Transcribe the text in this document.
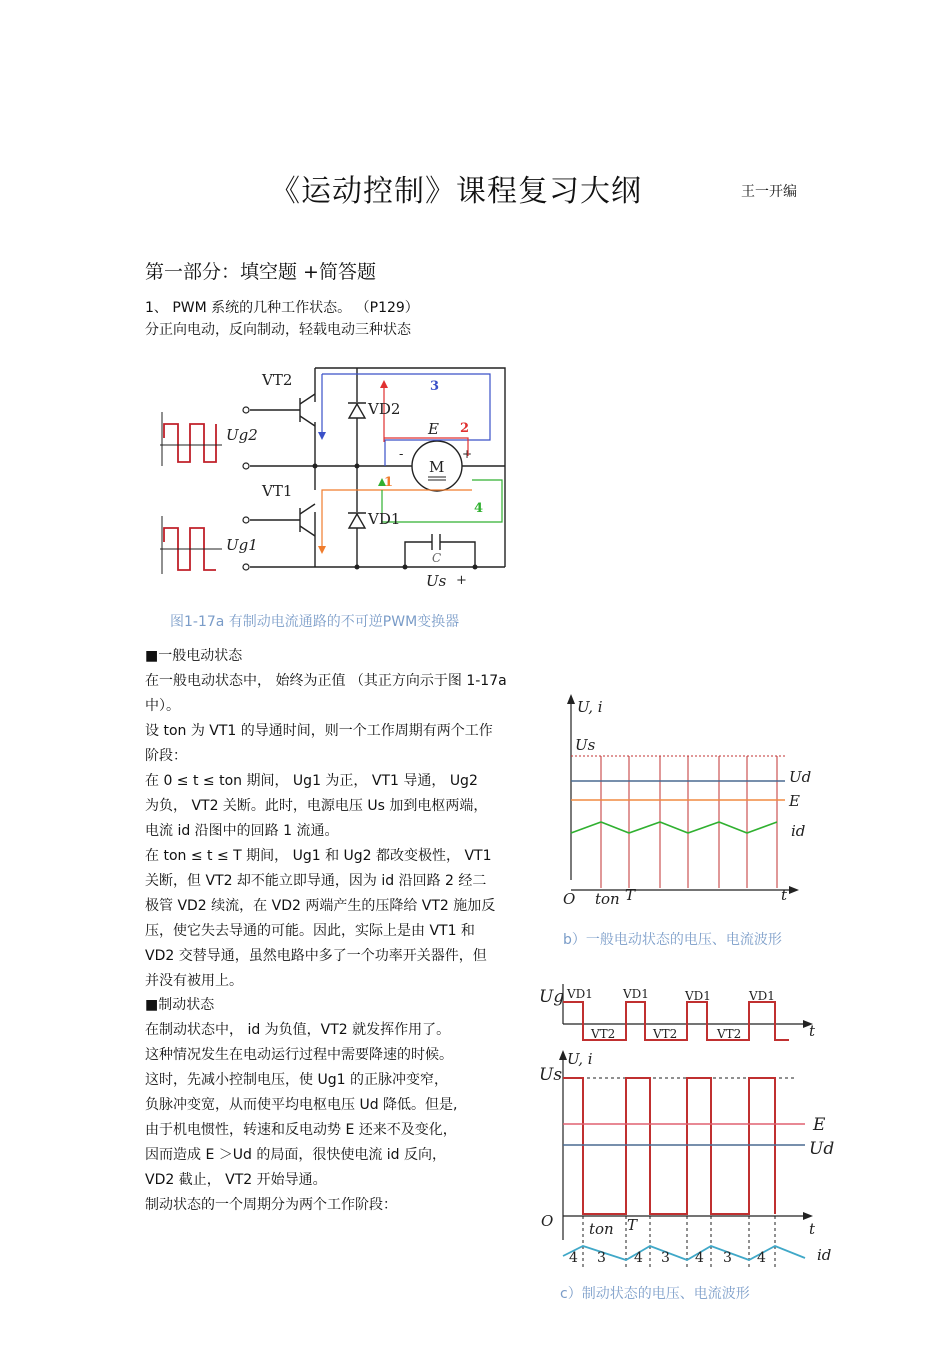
《运动控制》课程复习大纲	王一开编
第一部分：填空题 +简答题
1、 PWM 系统的几种工作状态。 （P129）
分正向电动，反向制动，轻载电动三种状态
M
-	+
3
2
1
4
VT2
VT1
VD2
VD1
Ug2
Ug1
E
C
Us +
图1-17a 有制动电流通路的不可逆PWM变换器
■一般电动状态
在一般电动状态中， 始终为正值 （其正方向示于图 1-17a
中）。
设 ton 为 VT1 的导通时间，则一个工作周期有两个工作
阶段：
在 0 ≤ t ≤ ton 期间， Ug1 为正， VT1 导通， Ug2
为负， VT2 关断。此时，电源电压 Us 加到电枢两端，
电流 id 沿图中的回路 1 流通。
在 ton ≤ t ≤ T 期间， Ug1 和 Ug2 都改变极性， VT1
关断，但 VT2 却不能立即导通，因为 id 沿回路 2 经二
极管 VD2 续流，在 VD2 两端产生的压降给 VT2 施加反
压，使它失去导通的可能。因此，实际上是由 VT1 和
VD2 交替导通，虽然电路中多了一个功率开关器件，但
并没有被用上。
■制动状态
在制动状态中， id 为负值，VT2 就发挥作用了。
这种情况发生在电动运行过程中需要降速的时候。
这时，先减小控制电压，使 Ug1 的正脉冲变窄，
负脉冲变宽，从而使平均电枢电压 Ud 降低。但是,
由于机电惯性，转速和反电动势 E 还来不及变化，
因而造成 E ＞Ud 的局面，很快使电流 id 反向，
VD2 截止， VT2 开始导通。
制动状态的一个周期分为两个工作阶段：
U, i
Us
Ud
E
id
O ton T	t
b）一般电动状态的电压、电流波形
Ug VD1	VD1	VD1	VD1
VT2	VT2	VT2	t
U, i
Us
E
Ud
O ton T	t
id
4 3 4 3 4 3 4
c）制动状态的电压、电流波形
